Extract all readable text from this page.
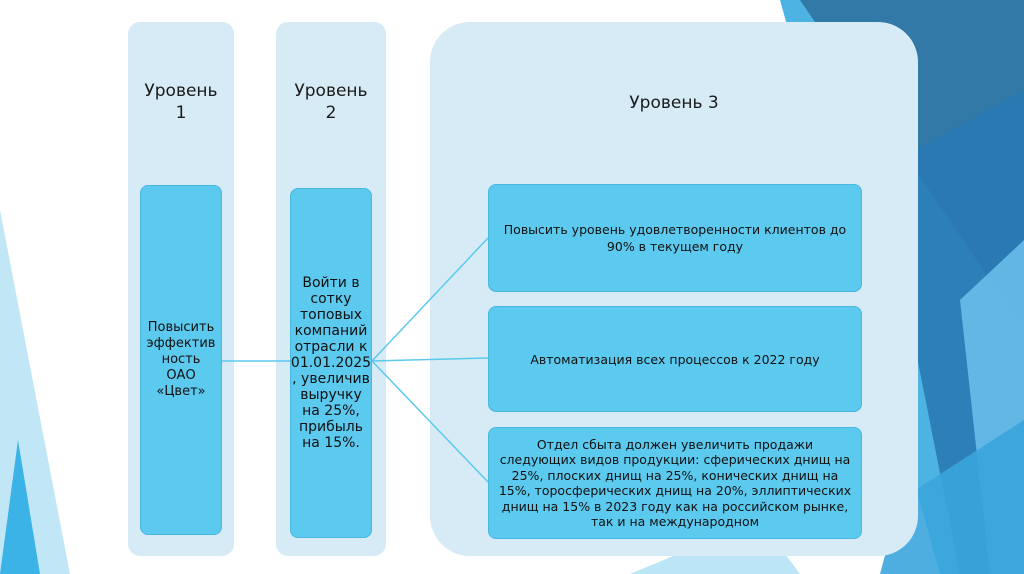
Уровень 1
Повысить эффектив ность ОАО «Цвет»
Уровень 2
Войти в сотку топовых компаний отрасли к 01.01.2025 , увеличив выручку на 25%, прибыль на 15%.
Уровень 3
Повысить уровень удовлетворенности клиентов до 90% в текущем году
Автоматизация всех процессов к 2022 году
Отдел сбыта должен увеличить продажи следующих видов продукции: сферических днищ на 25%, плоских днищ на 25%, конических днищ на 15%, торосферических днищ на 20%, эллиптических днищ на 15% в 2023 году как на российском рынке, так и на международном
